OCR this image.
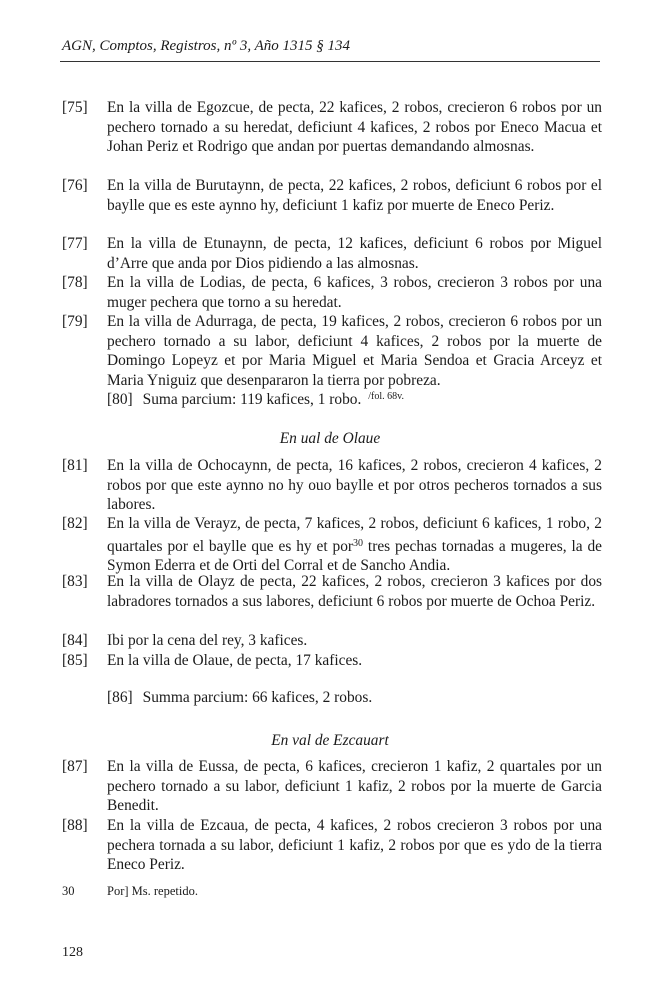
AGN, Comptos, Registros, nº 3, Año 1315 § 134
[75]	En la villa de Egozcue, de pecta, 22 kafices, 2 robos, crecieron 6 robos por un pechero tornado a su heredat, deficiunt 4 kafices, 2 robos por Eneco Macua et Johan Periz et Rodrigo que andan por puertas demandando almosnas.
[76]	En la villa de Burutaynn, de pecta, 22 kafices, 2 robos, deficiunt 6 robos por el baylle que es este aynno hy, deficiunt 1 kafiz por muerte de Eneco Periz.
[77]	En la villa de Etunaynn, de pecta, 12 kafices, deficiunt 6 robos por Miguel d’Arre que anda por Dios pidiendo a las almosnas.
[78]	En la villa de Lodias, de pecta, 6 kafices, 3 robos, crecieron 3 robos por una muger pechera que torno a su heredat.
[79]	En la villa de Adurraga, de pecta, 19 kafices, 2 robos, crecieron 6 robos por un pechero tornado a su labor, deficiunt 4 kafices, 2 robos por la muerte de Domingo Lopeyz et por Maria Miguel et Maria Sendoa et Gracia Arceyz et Maria Yniguiz que desenpararon la tierra por pobreza.
[80] Suma parcium: 119 kafices, 1 robo. $^{/fol. 68v.}$
En ual de Olaue
[81]	En la villa de Ochocaynn, de pecta, 16 kafices, 2 robos, crecieron 4 kafices, 2 robos por que este aynno no hy ouo baylle et por otros pecheros tornados a sus labores.
[82]	En la villa de Verayz, de pecta, 7 kafices, 2 robos, deficiunt 6 kafices, 1 robo, 2 quartales por el baylle que es hy et por$^{30}$ tres pechas tornadas a mugeres, la de Symon Ederra et de Orti del Corral et de Sancho Andia.
[83]	En la villa de Olayz de pecta, 22 kafices, 2 robos, crecieron 3 kafices por dos labradores tornados a sus labores, deficiunt 6 robos por muerte de Ochoa Periz.
[84]	Ibi por la cena del rey, 3 kafices.
[85]	En la villa de Olaue, de pecta, 17 kafices.
[86] Summa parcium: 66 kafices, 2 robos.
En val de Ezcauart
[87]	En la villa de Eussa, de pecta, 6 kafices, crecieron 1 kafiz, 2 quartales por un pechero tornado a su labor, deficiunt 1 kafiz, 2 robos por la muerte de Garcia Benedit.
[88]	En la villa de Ezcaua, de pecta, 4 kafices, 2 robos crecieron 3 robos por una pechera tornada a su labor, deficiunt 1 kafiz, 2 robos por que es ydo de la tierra Eneco Periz.
30	Por] Ms. repetido.
128
